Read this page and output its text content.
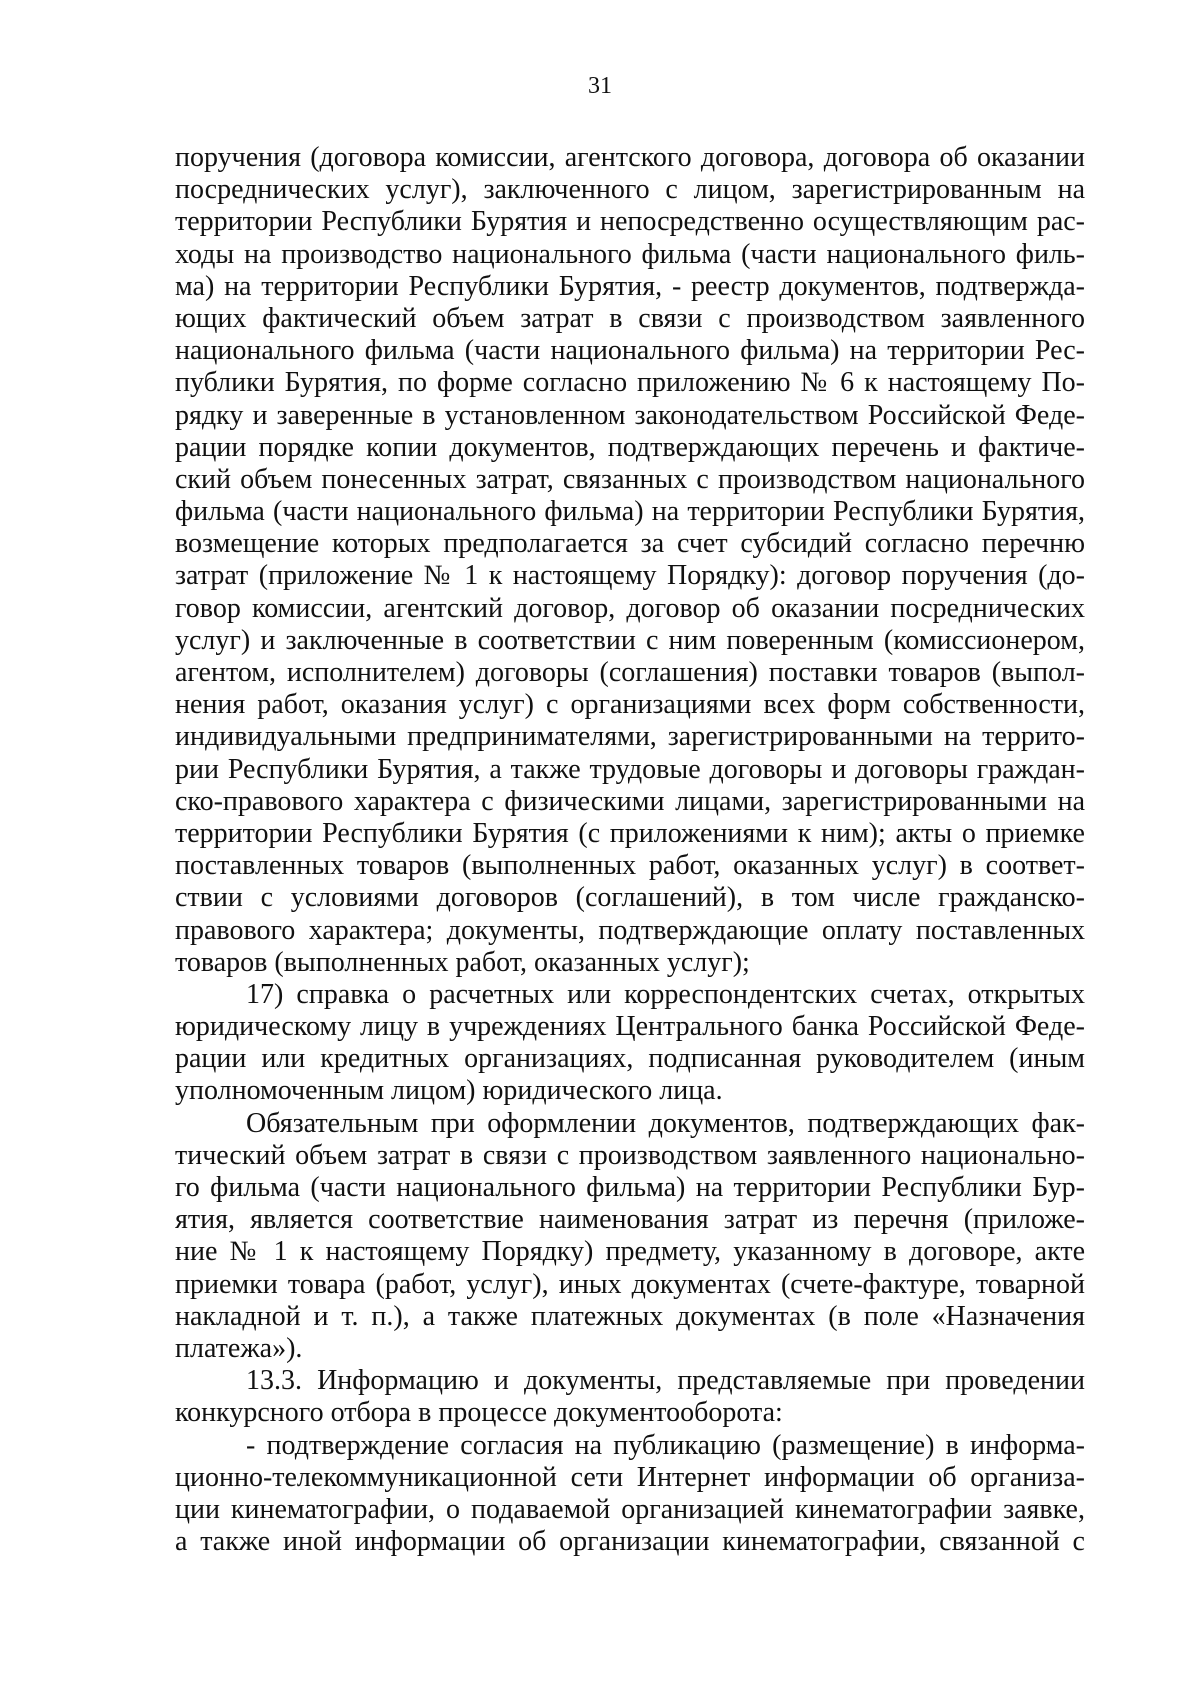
31
поручения (договора комиссии, агентского договора, договора об оказании
посреднических услуг), заключенного с лицом, зарегистрированным на
территории Республики Бурятия и непосредственно осуществляющим рас-
ходы на производство национального фильма (части национального филь-
ма) на территории Республики Бурятия, - реестр документов, подтвержда-
ющих фактический объем затрат в связи с производством заявленного
национального фильма (части национального фильма) на территории Рес-
публики Бурятия, по форме согласно приложению № 6 к настоящему По-
рядку и заверенные в установленном законодательством Российской Феде-
рации порядке копии документов, подтверждающих перечень и фактиче-
ский объем понесенных затрат, связанных с производством национального
фильма (части национального фильма) на территории Республики Бурятия,
возмещение которых предполагается за счет субсидий согласно перечню
затрат (приложение № 1 к настоящему Порядку): договор поручения (до-
говор комиссии, агентский договор, договор об оказании посреднических
услуг) и заключенные в соответствии с ним поверенным (комиссионером,
агентом, исполнителем) договоры (соглашения) поставки товаров (выпол-
нения работ, оказания услуг) с организациями всех форм собственности,
индивидуальными предпринимателями, зарегистрированными на террито-
рии Республики Бурятия, а также трудовые договоры и договоры граждан-
ско-правового характера с физическими лицами, зарегистрированными на
территории Республики Бурятия (с приложениями к ним); акты о приемке
поставленных товаров (выполненных работ, оказанных услуг) в соответ-
ствии с условиями договоров (соглашений), в том числе гражданско-
правового характера; документы, подтверждающие оплату поставленных
товаров (выполненных работ, оказанных услуг);
17) справка о расчетных или корреспондентских счетах, открытых
юридическому лицу в учреждениях Центрального банка Российской Феде-
рации или кредитных организациях, подписанная руководителем (иным
уполномоченным лицом) юридического лица.
Обязательным при оформлении документов, подтверждающих фак-
тический объем затрат в связи с производством заявленного национально-
го фильма (части национального фильма) на территории Республики Бур-
ятия, является соответствие наименования затрат из перечня (приложе-
ние № 1 к настоящему Порядку) предмету, указанному в договоре, акте
приемки товара (работ, услуг), иных документах (счете-фактуре, товарной
накладной и т. п.), а также платежных документах (в поле «Назначения
платежа»).
13.3. Информацию и документы, представляемые при проведении
конкурсного отбора в процессе документооборота:
- подтверждение согласия на публикацию (размещение) в информа-
ционно-телекоммуникационной сети Интернет информации об организа-
ции кинематографии, о подаваемой организацией кинематографии заявке,
а также иной информации об организации кинематографии, связанной с
